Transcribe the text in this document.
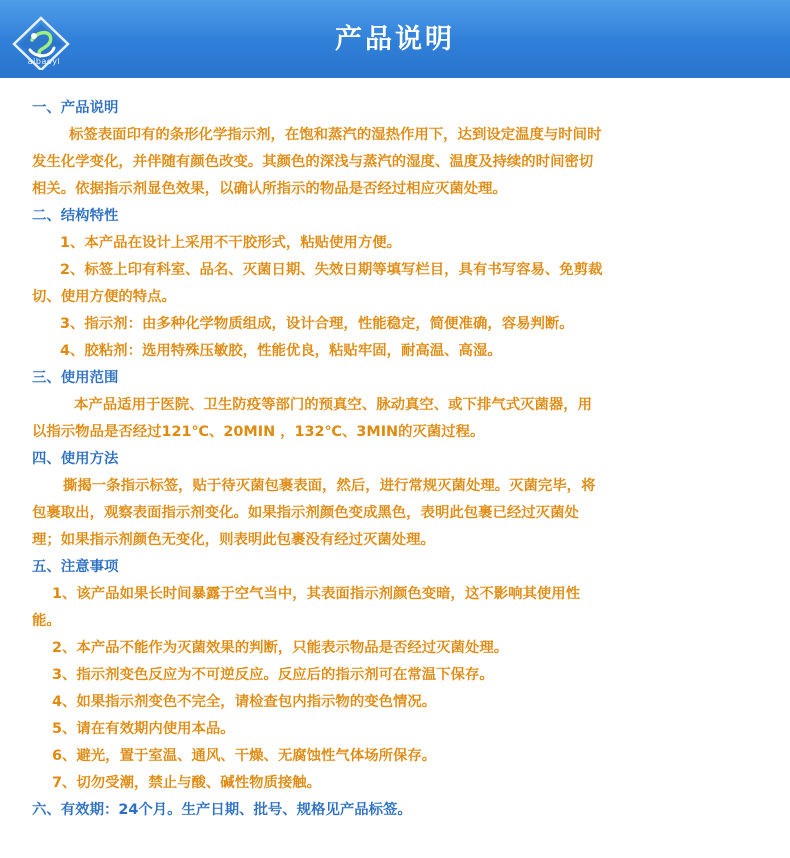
aibaoyl
产品说明
一、产品说明
标签表面印有的条形化学指示剂，在饱和蒸汽的湿热作用下，达到设定温度与时间时
发生化学变化，并伴随有颜色改变。其颜色的深浅与蒸汽的湿度、温度及持续的时间密切
相关。依据指示剂显色效果，以确认所指示的物品是否经过相应灭菌处理。
二、结构特性
1、本产品在设计上采用不干胶形式，粘贴使用方便。
2、标签上印有科室、品名、灭菌日期、失效日期等填写栏目，具有书写容易、免剪裁
切、使用方便的特点。
3、指示剂：由多种化学物质组成，设计合理，性能稳定，简便准确，容易判断。
4、胶粘剂：选用特殊压敏胶，性能优良，粘贴牢固，耐高温、高湿。
三、使用范围
本产品适用于医院、卫生防疫等部门的预真空、脉动真空、或下排气式灭菌器，用
以指示物品是否经过121℃、20MIN ，132℃、3MIN的灭菌过程。
四、使用方法
撕揭一条指示标签，贴于待灭菌包裹表面，然后，进行常规灭菌处理。灭菌完毕，将
包裹取出，观察表面指示剂变化。如果指示剂颜色变成黑色，表明此包裹已经过灭菌处
理；如果指示剂颜色无变化，则表明此包裹没有经过灭菌处理。
五、注意事项
1、该产品如果长时间暴露于空气当中，其表面指示剂颜色变暗，这不影响其使用性
能。
2、本产品不能作为灭菌效果的判断，只能表示物品是否经过灭菌处理。
3、指示剂变色反应为不可逆反应。反应后的指示剂可在常温下保存。
4、如果指示剂变色不完全，请检查包内指示物的变色情况。
5、请在有效期内使用本品。
6、避光，置于室温、通风、干燥、无腐蚀性气体场所保存。
7、切勿受潮，禁止与酸、碱性物质接触。
六、有效期：24个月。生产日期、批号、规格见产品标签。
